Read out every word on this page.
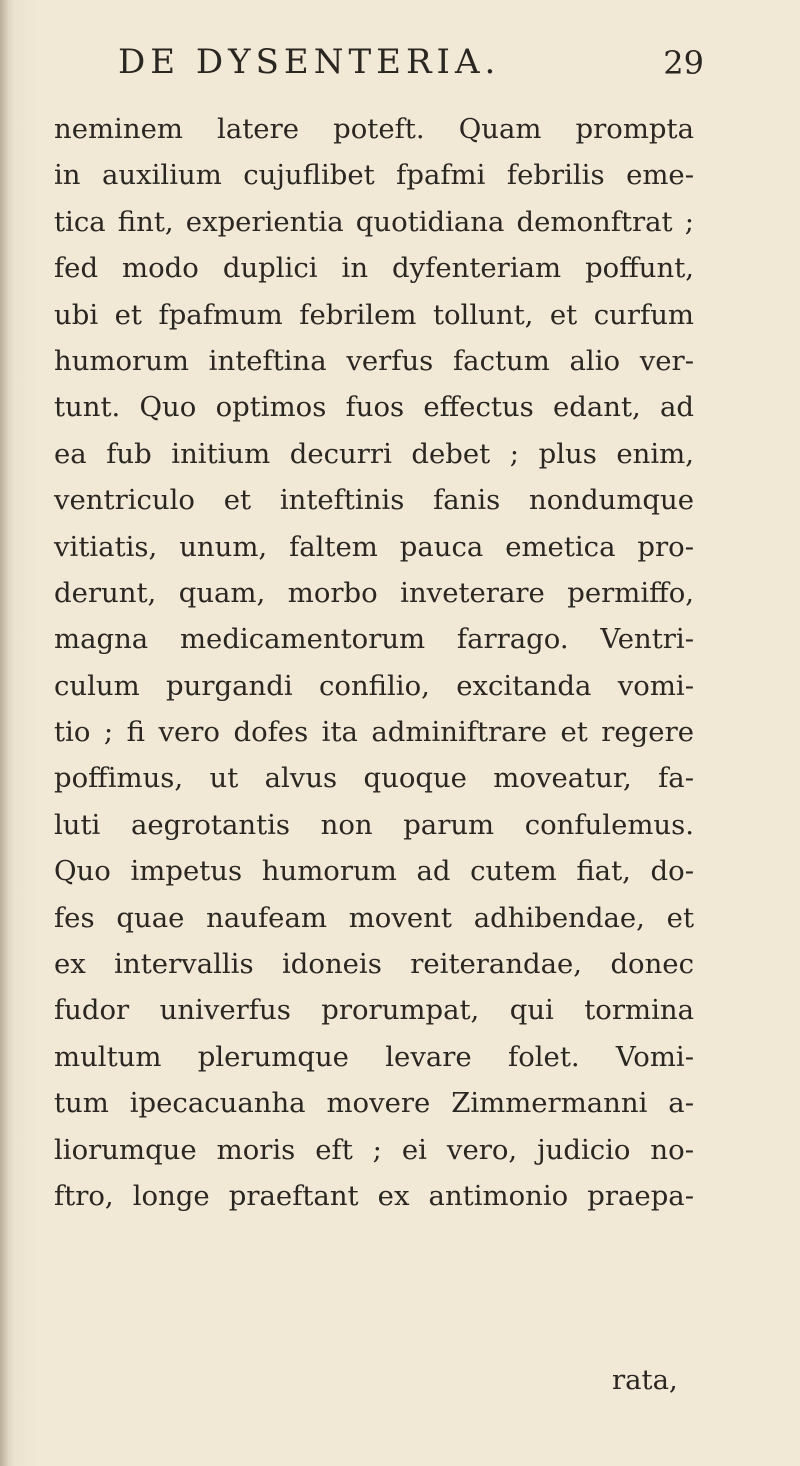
DE DYSENTERIA.	29
neminem latere poteft. Quam prompta
in auxilium cujuflibet fpafmi febrilis eme-
tica fint, experientia quotidiana demonftrat ;
fed modo duplici in dyfenteriam poffunt,
ubi et fpafmum febrilem tollunt, et curfum
humorum inteftina verfus factum alio ver-
tunt. Quo optimos fuos effectus edant, ad
ea fub initium decurri debet ; plus enim,
ventriculo et inteftinis fanis nondumque
vitiatis, unum, faltem pauca emetica pro-
derunt, quam, morbo inveterare permiffo,
magna medicamentorum farrago. Ventri-
culum purgandi confilio, excitanda vomi-
tio ; fi vero dofes ita adminiftrare et regere
poffimus, ut alvus quoque moveatur, fa-
luti aegrotantis non parum confulemus.
Quo impetus humorum ad cutem fiat, do-
fes quae naufeam movent adhibendae, et
ex intervallis idoneis reiterandae, donec
fudor univerfus prorumpat, qui tormina
multum plerumque levare folet. Vomi-
tum ipecacuanha movere Zimmermanni a-
liorumque moris eft ; ei vero, judicio no-
ftro, longe praeftant ex antimonio praepa-
rata,
